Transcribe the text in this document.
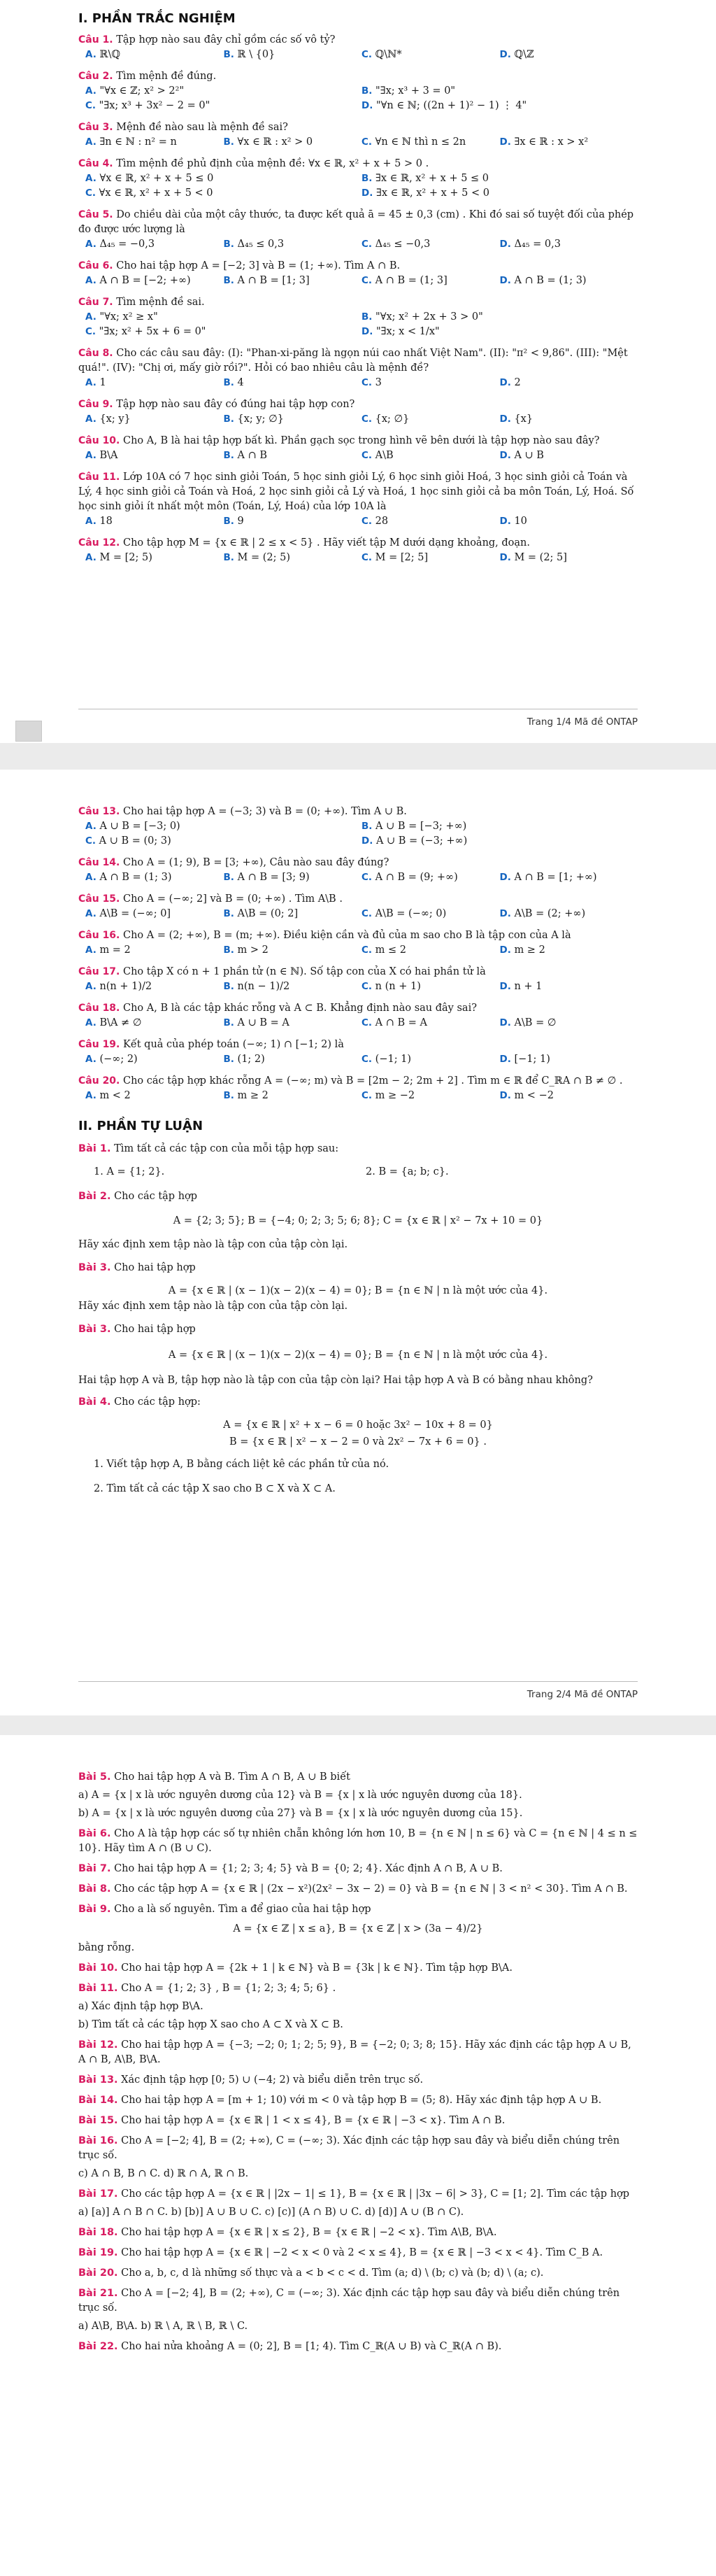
I. PHẦN TRẮC NGHIỆM

Câu 1. Tập hợp nào sau đây chỉ gồm các số vô tỷ?

A. ℝ\ℚ	B. ℝ \ {0}	C. ℚ\ℕ*	D. ℚ\ℤ

Câu 2. Tìm mệnh đề đúng.

A. "∀x ∈ ℤ; x² > 2²"	B. "∃x; x³ + 3 = 0"
C. "∃x; x³ + 3x² − 2 = 0"	D. "∀n ∈ ℕ; ((2n + 1)² − 1) ⋮ 4"

Câu 3. Mệnh đề nào sau là mệnh đề sai?

A. ∃n ∈ ℕ : n² = n	B. ∀x ∈ ℝ : x² > 0	C. ∀n ∈ ℕ thì n ≤ 2n	D. ∃x ∈ ℝ : x > x²

Câu 4. Tìm mệnh đề phủ định của mệnh đề: ∀x ∈ ℝ, x² + x + 5 > 0 .

A. ∀x ∈ ℝ, x² + x + 5 ≤ 0	B. ∃x ∈ ℝ, x² + x + 5 ≤ 0
C. ∀x ∈ ℝ, x² + x + 5 < 0	D. ∃x ∈ ℝ, x² + x + 5 < 0

Câu 5. Do chiều dài của một cây thước, ta được kết quả ā = 45 ± 0,3 (cm) . Khi đó sai số tuyệt đối của phép đo được ước lượng là

A. Δ₄₅ = −0,3	B. Δ₄₅ ≤ 0,3	C. Δ₄₅ ≤ −0,3	D. Δ₄₅ = 0,3

Câu 6. Cho hai tập hợp A = [−2; 3] và B = (1; +∞). Tìm A ∩ B.

A. A ∩ B = [−2; +∞)	B. A ∩ B = [1; 3]	C. A ∩ B = (1; 3]	D. A ∩ B = (1; 3)

Câu 7. Tìm mệnh đề sai.

A. "∀x; x² ≥ x"	B. "∀x; x² + 2x + 3 > 0"
C. "∃x; x² + 5x + 6 = 0"	D. "∃x; x < 1/x"

Câu 8. Cho các câu sau đây: (I): "Phan-xi-păng là ngọn núi cao nhất Việt Nam". (II): "π² < 9,86". (III): "Mệt quá!". (IV): "Chị ơi, mấy giờ rồi?". Hỏi có bao nhiêu câu là mệnh đề?

A. 1	B. 4	C. 3	D. 2

Câu 9. Tập hợp nào sau đây có đúng hai tập hợp con?

A. {x; y}	B. {x; y; ∅}	C. {x; ∅}	D. {x}

Câu 10. Cho A, B là hai tập hợp bất kì. Phần gạch sọc trong hình vẽ bên dưới là tập hợp nào sau đây?

A. B\A	B. A ∩ B	C. A\B	D. A ∪ B

Câu 11. Lớp 10A có 7 học sinh giỏi Toán, 5 học sinh giỏi Lý, 6 học sinh giỏi Hoá, 3 học sinh giỏi cả Toán và Lý, 4 học sinh giỏi cả Toán và Hoá, 2 học sinh giỏi cả Lý và Hoá, 1 học sinh giỏi cả ba môn Toán, Lý, Hoá. Số học sinh giỏi ít nhất một môn (Toán, Lý, Hoá) của lớp 10A là

A. 18	B. 9	C. 28	D. 10

Câu 12. Cho tập hợp M = {x ∈ ℝ | 2 ≤ x < 5} . Hãy viết tập M dưới dạng khoảng, đoạn.

A. M = [2; 5)	B. M = (2; 5)	C. M = [2; 5]	D. M = (2; 5]
Trang 1/4 Mã đề ONTAP

Câu 13. Cho hai tập hợp A = (−3; 3) và B = (0; +∞). Tìm A ∪ B.

A. A ∪ B = [−3; 0)	B. A ∪ B = [−3; +∞)
C. A ∪ B = (0; 3)	D. A ∪ B = (−3; +∞)

Câu 14. Cho A = (1; 9), B = [3; +∞), Câu nào sau đây đúng?

A. A ∩ B = (1; 3)	B. A ∩ B = [3; 9)	C. A ∩ B = (9; +∞)	D. A ∩ B = [1; +∞)

Câu 15. Cho A = (−∞; 2] và B = (0; +∞) . Tìm A\B .

A. A\B = (−∞; 0]	B. A\B = (0; 2]	C. A\B = (−∞; 0)	D. A\B = (2; +∞)

Câu 16. Cho A = (2; +∞), B = (m; +∞). Điều kiện cần và đủ của m sao cho B là tập con của A là

A. m = 2	B. m > 2	C. m ≤ 2	D. m ≥ 2

Câu 17. Cho tập X có n + 1 phần tử (n ∈ ℕ). Số tập con của X có hai phần tử là

A. n(n + 1)/2	B. n(n − 1)/2	C. n (n + 1)	D. n + 1

Câu 18. Cho A, B là các tập khác rỗng và A ⊂ B. Khẳng định nào sau đây sai?

A. B\A ≠ ∅	B. A ∪ B = A	C. A ∩ B = A	D. A\B = ∅

Câu 19. Kết quả của phép toán (−∞; 1) ∩ [−1; 2) là

A. (−∞; 2)	B. (1; 2)	C. (−1; 1)	D. [−1; 1)

Câu 20. Cho các tập hợp khác rỗng A = (−∞; m) và B = [2m − 2; 2m + 2] . Tìm m ∈ ℝ để C_ℝA ∩ B ≠ ∅ .

A. m < 2	B. m ≥ 2	C. m ≥ −2	D. m < −2
II. PHẦN TỰ LUẬN

Bài 1. Tìm tất cả các tập con của mỗi tập hợp sau:

1. A = {1; 2}.	2. B = {a; b; c}.

Bài 2. Cho các tập hợp

A = {2; 3; 5}; B = {−4; 0; 2; 3; 5; 6; 8}; C = {x ∈ ℝ | x² − 7x + 10 = 0}

Hãy xác định xem tập nào là tập con của tập còn lại.

Bài 3. Cho hai tập hợp

A = {x ∈ ℝ | (x − 1)(x − 2)(x − 4) = 0}; B = {n ∈ ℕ | n là một ước của 4}.

Hãy xác định xem tập nào là tập con của tập còn lại.

Bài 3. Cho hai tập hợp

A = {x ∈ ℝ | (x − 1)(x − 2)(x − 4) = 0}; B = {n ∈ ℕ | n là một ước của 4}.

Hai tập hợp A và B, tập hợp nào là tập con của tập còn lại? Hai tập hợp A và B có bằng nhau không?

Bài 4. Cho các tập hợp:

A = {x ∈ ℝ | x² + x − 6 = 0 hoặc 3x² − 10x + 8 = 0}
B = {x ∈ ℝ | x² − x − 2 = 0 và 2x² − 7x + 6 = 0} .

1. Viết tập hợp A, B bằng cách liệt kê các phần tử của nó.

2. Tìm tất cả các tập X sao cho B ⊂ X và X ⊂ A.

Trang 2/4 Mã đề ONTAP

Bài 5. Cho hai tập hợp A và B. Tìm A ∩ B, A ∪ B biết

a) A = {x | x là ước nguyên dương của 12} và B = {x | x là ước nguyên dương của 18}.

b) A = {x | x là ước nguyên dương của 27} và B = {x | x là ước nguyên dương của 15}.

Bài 6. Cho A là tập hợp các số tự nhiên chẵn không lớn hơn 10, B = {n ∈ ℕ | n ≤ 6} và C = {n ∈ ℕ | 4 ≤ n ≤ 10}. Hãy tìm A ∩ (B ∪ C).

Bài 7. Cho hai tập hợp A = {1; 2; 3; 4; 5} và B = {0; 2; 4}. Xác định A ∩ B, A ∪ B.

Bài 8. Cho các tập hợp A = {x ∈ ℝ | (2x − x²)(2x² − 3x − 2) = 0} và B = {n ∈ ℕ | 3 < n² < 30}. Tìm A ∩ B.

Bài 9. Cho a là số nguyên. Tìm a để giao của hai tập hợp

A = {x ∈ ℤ | x ≤ a}, B = {x ∈ ℤ | x > (3a − 4)/2}

bằng rỗng.

Bài 10. Cho hai tập hợp A = {2k + 1 | k ∈ ℕ} và B = {3k | k ∈ ℕ}. Tìm tập hợp B\A.

Bài 11. Cho A = {1; 2; 3} , B = {1; 2; 3; 4; 5; 6} .

a) Xác định tập hợp B\A.

b) Tìm tất cả các tập hợp X sao cho A ⊂ X và X ⊂ B.

Bài 12. Cho hai tập hợp A = {−3; −2; 0; 1; 2; 5; 9}, B = {−2; 0; 3; 8; 15}. Hãy xác định các tập hợp A ∪ B, A ∩ B, A\B, B\A.

Bài 13. Xác định tập hợp [0; 5) ∪ (−4; 2) và biểu diễn trên trục số.

Bài 14. Cho hai tập hợp A = [m + 1; 10) với m < 0 và tập hợp B = (5; 8). Hãy xác định tập hợp A ∪ B.

Bài 15. Cho hai tập hợp A = {x ∈ ℝ | 1 < x ≤ 4}, B = {x ∈ ℝ | −3 < x}. Tìm A ∩ B.

Bài 16. Cho A = [−2; 4], B = (2; +∞), C = (−∞; 3). Xác định các tập hợp sau đây và biểu diễn chúng trên trục số.

c) A ∩ B, B ∩ C. d) ℝ ∩ A, ℝ ∩ B.

Bài 17. Cho các tập hợp A = {x ∈ ℝ | |2x − 1| ≤ 1}, B = {x ∈ ℝ | |3x − 6| > 3}, C = [1; 2]. Tìm các tập hợp

a) [a)] A ∩ B ∩ C. b) [b)] A ∪ B ∪ C. c) [c)] (A ∩ B) ∪ C. d) [d)] A ∪ (B ∩ C).

Bài 18. Cho hai tập hợp A = {x ∈ ℝ | x ≤ 2}, B = {x ∈ ℝ | −2 < x}. Tìm A\B, B\A.

Bài 19. Cho hai tập hợp A = {x ∈ ℝ | −2 < x < 0 và 2 < x ≤ 4}, B = {x ∈ ℝ | −3 < x < 4}. Tìm C_B A.

Bài 20. Cho a, b, c, d là những số thực và a < b < c < d. Tìm (a; d) \ (b; c) và (b; d) \ (a; c).

Bài 21. Cho A = [−2; 4], B = (2; +∞), C = (−∞; 3). Xác định các tập hợp sau đây và biểu diễn chúng trên trục số.

a) A\B, B\A. b) ℝ \ A, ℝ \ B, ℝ \ C.

Bài 22. Cho hai nửa khoảng A = (0; 2], B = [1; 4). Tìm C_ℝ(A ∪ B) và C_ℝ(A ∩ B).
